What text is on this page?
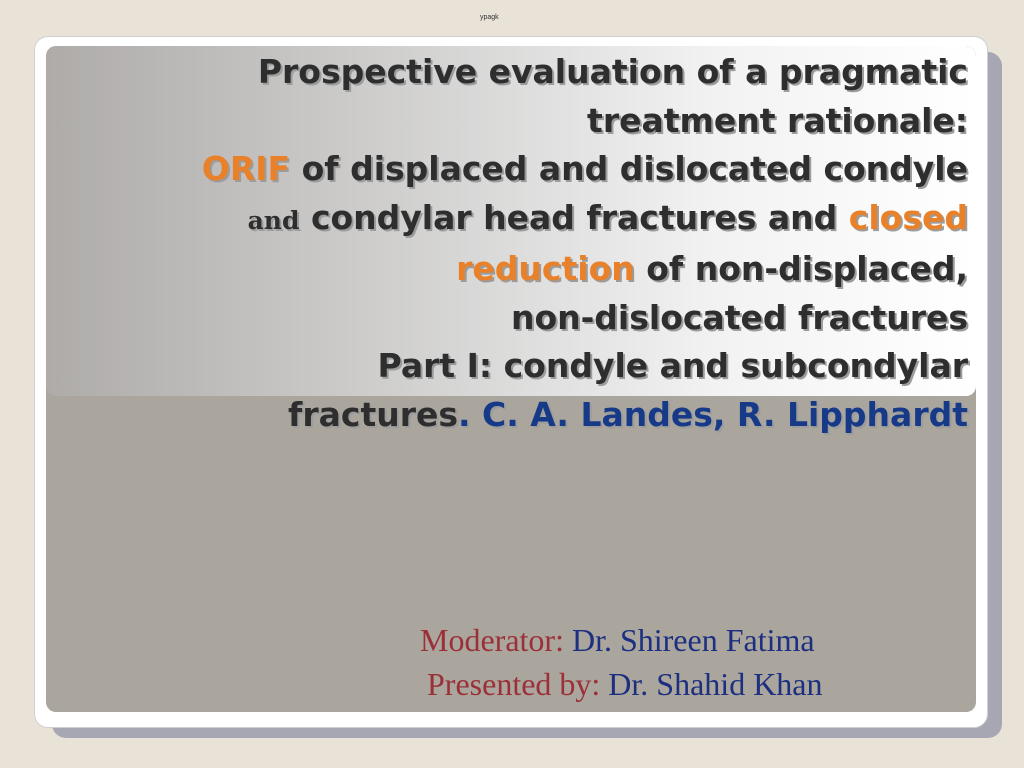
ypagk
Prospective evaluation of a pragmatic
treatment rationale:
ORIF of displaced and dislocated condyle
and condylar head fractures and closed
reduction of non-displaced,
non-dislocated fractures
Part I: condyle and subcondylar
fractures. C. A. Landes, R. Lipphardt
Moderator: Dr. Shireen Fatima
Presented by: Dr. Shahid Khan
